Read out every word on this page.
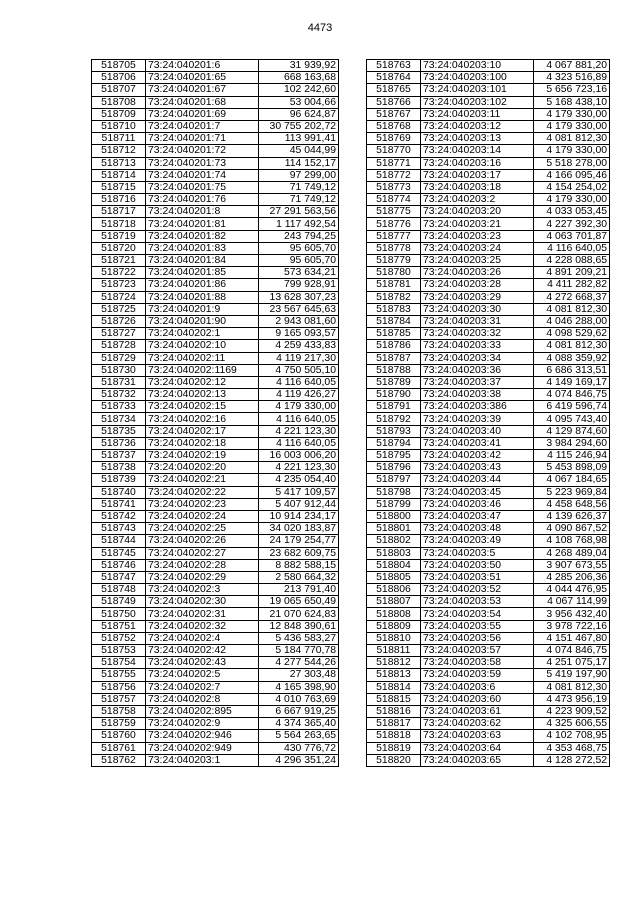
4473
518705	73:24:040201:6	31 939,92
518706	73:24:040201:65	668 163,68
518707	73:24:040201:67	102 242,60
518708	73:24:040201:68	53 004,66
518709	73:24:040201:69	96 624,87
518710	73:24:040201:7	30 755 202,72
518711	73:24:040201:71	113 991,41
518712	73:24:040201:72	45 044,99
518713	73:24:040201:73	114 152,17
518714	73:24:040201:74	97 299,00
518715	73:24:040201:75	71 749,12
518716	73:24:040201:76	71 749,12
518717	73:24:040201:8	27 291 563,56
518718	73:24:040201:81	1 117 492,54
518719	73:24:040201:82	243 794,25
518720	73:24:040201:83	95 605,70
518721	73:24:040201:84	95 605,70
518722	73:24:040201:85	573 634,21
518723	73:24:040201:86	799 928,91
518724	73:24:040201:88	13 628 307,23
518725	73:24:040201:9	23 567 645,63
518726	73:24:040201:90	2 943 081,60
518727	73:24:040202:1	9 165 093,57
518728	73:24:040202:10	4 259 433,83
518729	73:24:040202:11	4 119 217,30
518730	73:24:040202:1169	4 750 505,10
518731	73:24:040202:12	4 116 640,05
518732	73:24:040202:13	4 119 426,27
518733	73:24:040202:15	4 179 330,00
518734	73:24:040202:16	4 116 640,05
518735	73:24:040202:17	4 221 123,30
518736	73:24:040202:18	4 116 640,05
518737	73:24:040202:19	16 003 006,20
518738	73:24:040202:20	4 221 123,30
518739	73:24:040202:21	4 235 054,40
518740	73:24:040202:22	5 417 109,57
518741	73:24:040202:23	5 407 912,44
518742	73:24:040202:24	10 914 234,17
518743	73:24:040202:25	34 020 183,87
518744	73:24:040202:26	24 179 254,77
518745	73:24:040202:27	23 682 609,75
518746	73:24:040202:28	8 882 588,15
518747	73:24:040202:29	2 580 664,32
518748	73:24:040202:3	213 791,40
518749	73:24:040202:30	19 065 650,49
518750	73:24:040202:31	21 070 624,83
518751	73:24:040202:32	12 848 390,61
518752	73:24:040202:4	5 436 583,27
518753	73:24:040202:42	5 184 770,78
518754	73:24:040202:43	4 277 544,26
518755	73:24:040202:5	27 303,48
518756	73:24:040202:7	4 165 398,90
518757	73:24:040202:8	4 010 763,69
518758	73:24:040202:895	6 667 919,25
518759	73:24:040202:9	4 374 365,40
518760	73:24:040202:946	5 564 263,65
518761	73:24:040202:949	430 776,72
518762	73:24:040203:1	4 296 351,24
518763	73:24:040203:10	4 067 881,20
518764	73:24:040203:100	4 323 516,89
518765	73:24:040203:101	5 656 723,16
518766	73:24:040203:102	5 168 438,10
518767	73:24:040203:11	4 179 330,00
518768	73:24:040203:12	4 179 330,00
518769	73:24:040203:13	4 081 812,30
518770	73:24:040203:14	4 179 330,00
518771	73:24:040203:16	5 518 278,00
518772	73:24:040203:17	4 166 095,46
518773	73:24:040203:18	4 154 254,02
518774	73:24:040203:2	4 179 330,00
518775	73:24:040203:20	4 033 053,45
518776	73:24:040203:21	4 227 392,30
518777	73:24:040203:23	4 063 701,87
518778	73:24:040203:24	4 116 640,05
518779	73:24:040203:25	4 228 088,65
518780	73:24:040203:26	4 891 209,21
518781	73:24:040203:28	4 411 282,82
518782	73:24:040203:29	4 272 668,37
518783	73:24:040203:30	4 081 812,30
518784	73:24:040203:31	4 046 288,00
518785	73:24:040203:32	4 098 529,62
518786	73:24:040203:33	4 081 812,30
518787	73:24:040203:34	4 088 359,92
518788	73:24:040203:36	6 686 313,51
518789	73:24:040203:37	4 149 169,17
518790	73:24:040203:38	4 074 846,75
518791	73:24:040203:386	6 419 596,74
518792	73:24:040203:39	4 095 743,40
518793	73:24:040203:40	4 129 874,60
518794	73:24:040203:41	3 984 294,60
518795	73:24:040203:42	4 115 246,94
518796	73:24:040203:43	5 453 898,09
518797	73:24:040203:44	4 067 184,65
518798	73:24:040203:45	5 223 969,84
518799	73:24:040203:46	4 458 648,56
518800	73:24:040203:47	4 139 626,37
518801	73:24:040203:48	4 090 867,52
518802	73:24:040203:49	4 108 768,98
518803	73:24:040203:5	4 268 489,04
518804	73:24:040203:50	3 907 673,55
518805	73:24:040203:51	4 285 206,36
518806	73:24:040203:52	4 044 476,95
518807	73:24:040203:53	4 067 114,99
518808	73:24:040203:54	3 956 432,40
518809	73:24:040203:55	3 978 722,16
518810	73:24:040203:56	4 151 467,80
518811	73:24:040203:57	4 074 846,75
518812	73:24:040203:58	4 251 075,17
518813	73:24:040203:59	5 419 197,90
518814	73:24:040203:6	4 081 812,30
518815	73:24:040203:60	4 473 956,19
518816	73:24:040203:61	4 223 909,52
518817	73:24:040203:62	4 325 606,55
518818	73:24:040203:63	4 102 708,95
518819	73:24:040203:64	4 353 468,75
518820	73:24:040203:65	4 128 272,52
